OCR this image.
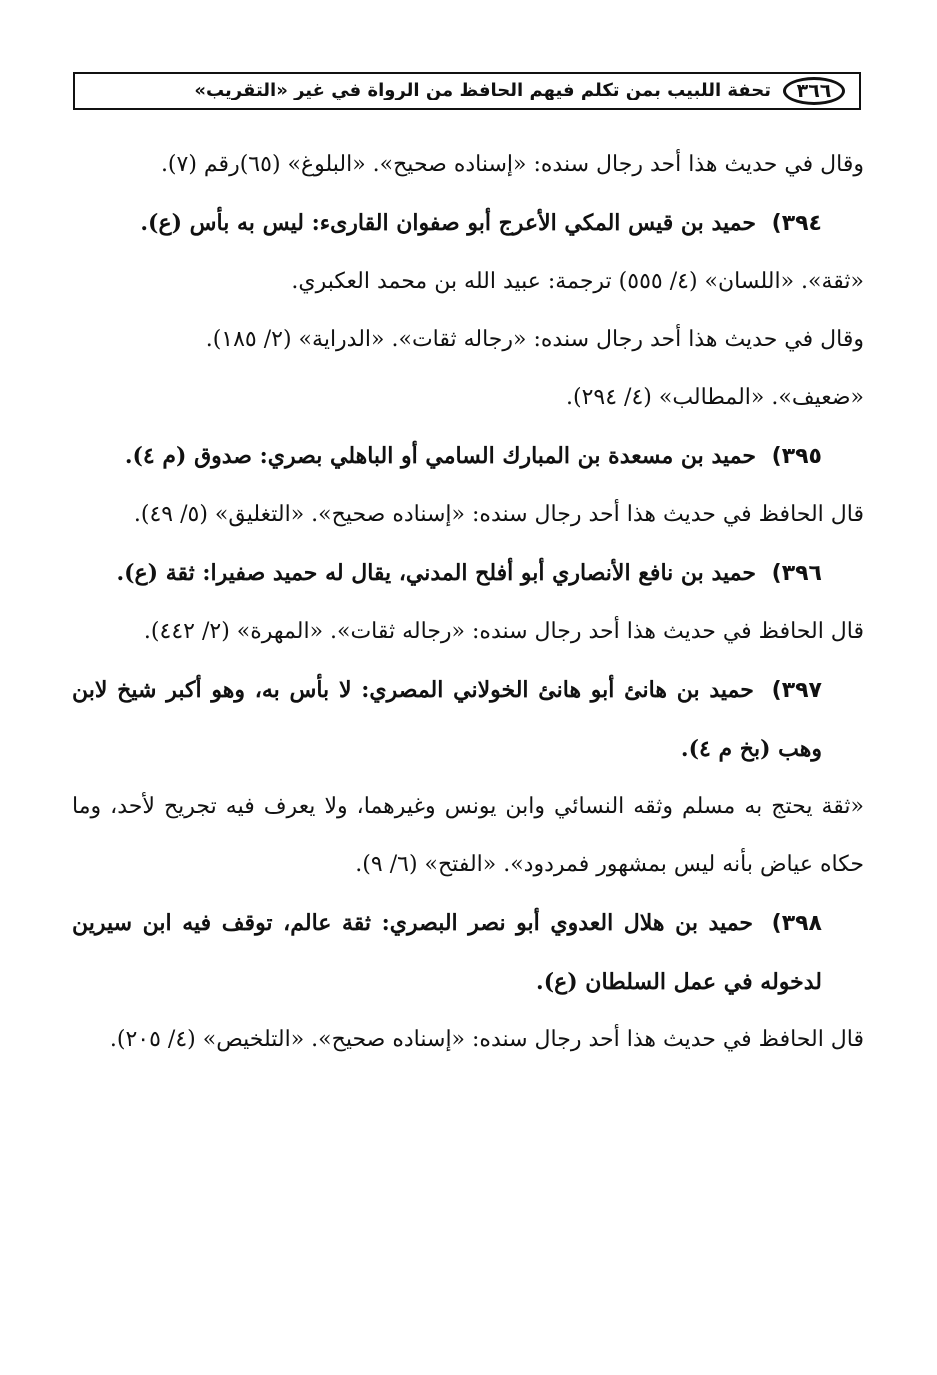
٣٦٦
تحفة اللبيب بمن تكلم فيهم الحافظ من الرواة في غير «التقريب»

وقال في حديث هذا أحد رجال سنده: «إسناده صحيح». «البلوغ» (٦٥)رقم (٧).

٣٩٤) حميد بن قيس المكي الأعرج أبو صفوان القارىء: ليس به بأس (ع).

«ثقة». «اللسان» (٤/ ٥٥٥) ترجمة: عبيد الله بن محمد العكبري.

وقال في حديث هذا أحد رجال سنده: «رجاله ثقات». «الدراية» (٢/ ١٨٥).

«ضعيف». «المطالب» (٤/ ٢٩٤).

٣٩٥) حميد بن مسعدة بن المبارك السامي أو الباهلي بصري: صدوق (م ٤).

قال الحافظ في حديث هذا أحد رجال سنده: «إسناده صحيح». «التغليق» (٥/ ٤٩).

٣٩٦) حميد بن نافع الأنصاري أبو أفلح المدني، يقال له حميد صفيرا: ثقة (ع).

قال الحافظ في حديث هذا أحد رجال سنده: «رجاله ثقات». «المهرة» (٢/ ٤٤٢).

٣٩٧) حميد بن هانئ أبو هانئ الخولاني المصري: لا بأس به، وهو أكبر شيخ لابن وهب (بخ م ٤).

«ثقة يحتج به مسلم وثقه النسائي وابن يونس وغيرهما، ولا يعرف فيه تجريح لأحد، وما حكاه عياض بأنه ليس بمشهور فمردود». «الفتح» (٦/ ٩).

٣٩٨) حميد بن هلال العدوي أبو نصر البصري: ثقة عالم، توقف فيه ابن سيرين لدخوله في عمل السلطان (ع).

قال الحافظ في حديث هذا أحد رجال سنده: «إسناده صحيح». «التلخيص» (٤/ ٢٠٥).
